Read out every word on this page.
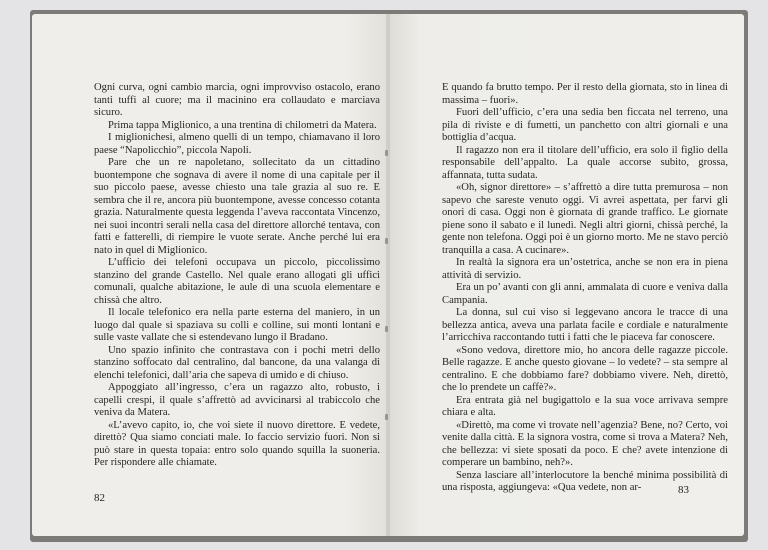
Ogni curva, ogni cambio marcia, ogni improvviso ostacolo, erano tanti tuffi al cuore; ma il macinino era collaudato e marciava sicuro.

Prima tappa Miglionico, a una trentina di chilometri da Matera.

I miglionichesi, almeno quelli di un tempo, chiamavano il loro paese “Napolicchio”, piccola Napoli.

Pare che un re napoletano, sollecitato da un cittadino buontempone che sognava di avere il nome di una capitale per il suo piccolo paese, avesse chiesto una tale grazia al suo re. E sembra che il re, ancora più buontempone, avesse concesso cotanta grazia. Naturalmente questa leggenda l’aveva raccontata Vincenzo, nei suoi incontri serali nella casa del direttore allorché tentava, con fatti e fatterelli, di riempire le vuote serate. Anche perché lui era nato in quel di Miglionico.

L’ufficio dei telefoni occupava un piccolo, piccolissimo stanzino del grande Castello. Nel quale erano allogati gli uffici comunali, qualche abitazione, le aule di una scuola elementare e chissà che altro.

Il locale telefonico era nella parte esterna del maniero, in un luogo dal quale si spaziava su colli e colline, sui monti lontani e sulle vaste vallate che si estendevano lungo il Bradano.

Uno spazio infinito che contrastava con i pochi metri dello stanzino soffocato dal centralino, dal bancone, da una valanga di elenchi telefonici, dall’aria che sapeva di umido e di chiuso.

Appoggiato all’ingresso, c’era un ragazzo alto, robusto, i capelli crespi, il quale s’affrettò ad avvicinarsi al trabiccolo che veniva da Matera.

«L’avevo capito, io, che voi siete il nuovo direttore. E vedete, direttò? Qua siamo conciati male. Io faccio servizio fuori. Non si può stare in questa topaia: entro solo quando squilla la suoneria. Per rispondere alle chiamate.

82

E quando fa brutto tempo. Per il resto della giornata, sto in linea di massima – fuori».

Fuori dell’ufficio, c’era una sedia ben ficcata nel terreno, una pila di riviste e di fumetti, un panchetto con altri giornali e una bottiglia d’acqua.

Il ragazzo non era il titolare dell’ufficio, era solo il figlio della responsabile dell’appalto. La quale accorse subito, grossa, affannata, tutta sudata.

«Oh, signor direttore» – s’affrettò a dire tutta premurosa – non sapevo che sareste venuto oggi. Vi avrei aspettata, per farvi gli onori di casa. Oggi non è giornata di grande traffico. Le giornate piene sono il sabato e il lunedì. Negli altri giorni, chissà perché, la gente non telefona. Oggi poi è un giorno morto. Me ne stavo perciò tranquilla a casa. A cucinare».

In realtà la signora era un’ostetrica, anche se non era in piena attività di servizio.

Era un po’ avanti con gli anni, ammalata di cuore e veniva dalla Campania.

La donna, sul cui viso si leggevano ancora le tracce di una bellezza antica, aveva una parlata facile e cordiale e naturalmente l’arricchiva raccontando tutti i fatti che le piaceva far conoscere.

«Sono vedova, direttore mio, ho ancora delle ragazze piccole. Belle ragazze. E anche questo giovane – lo vedete? – sta sempre al centralino. E che dobbiamo fare? dobbiamo vivere. Neh, direttò, che lo prendete un caffè?».

Era entrata già nel bugigattolo e la sua voce arrivava sempre chiara e alta.

«Direttò, ma come vi trovate nell’agenzia? Bene, no? Certo, voi venite dalla città. E la signora vostra, come si trova a Matera? Neh, che bellezza: vi siete sposati da poco. E che? avete intenzione di comperare un bambino, neh?».

Senza lasciare all’interlocutore la benché minima possibilità di una risposta, aggiungeva: «Qua vedete, non ar-	83
